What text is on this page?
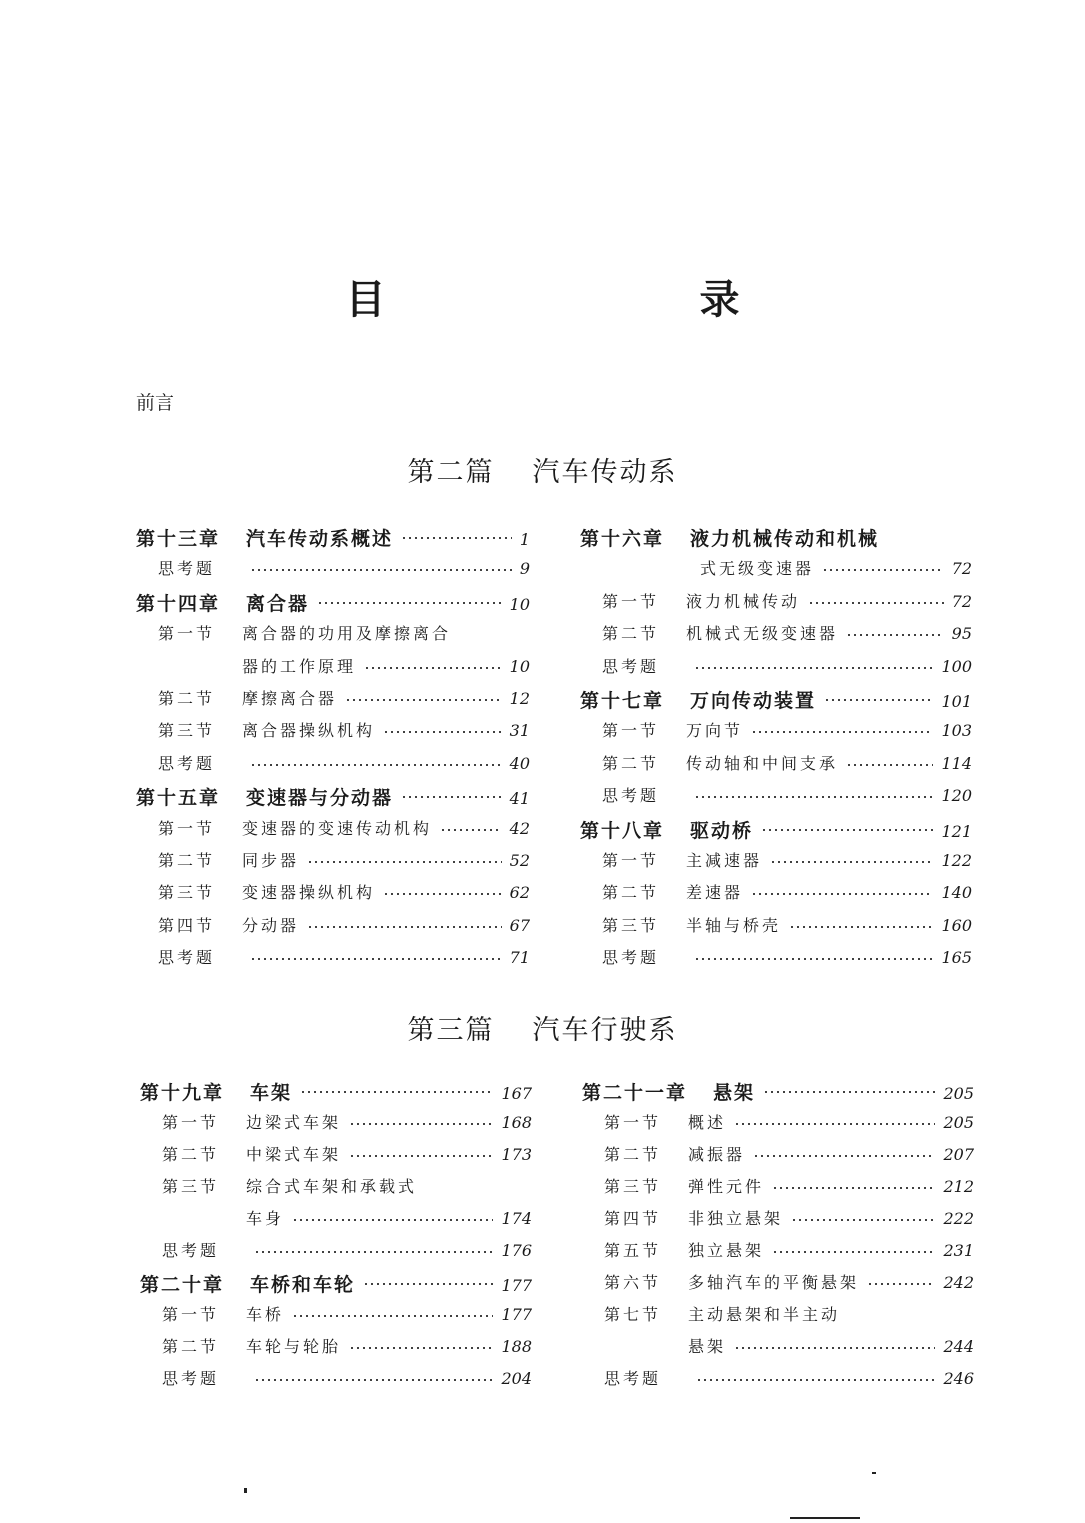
目 录
前言
第二篇 汽车传动系
第十三章 汽车传动系概述	1
思考题	9
第十四章 离合器	10
第一节	离合器的功用及摩擦离合
器的工作原理	10
第二节	摩擦离合器	12
第三节	离合器操纵机构	31
思考题	40
第十五章 变速器与分动器	41
第一节	变速器的变速传动机构	42
第二节	同步器	52
第三节	变速器操纵机构	62
第四节	分动器	67
思考题	71
第十六章 液力机械传动和机械
式无级变速器	72
第一节	液力机械传动	72
第二节	机械式无级变速器	95
思考题	100
第十七章 万向传动装置	101
第一节	万向节	103
第二节	传动轴和中间支承	114
思考题	120
第十八章 驱动桥	121
第一节	主减速器	122
第二节	差速器	140
第三节	半轴与桥壳	160
思考题	165
第三篇 汽车行驶系
第十九章 车架	167
第一节	边梁式车架	168
第二节	中梁式车架	173
第三节	综合式车架和承载式
车身	174
思考题	176
第二十章 车桥和车轮	177
第一节	车桥	177
第二节	车轮与轮胎	188
思考题	204
第二十一章 悬架	205
第一节	概述	205
第二节	减振器	207
第三节	弹性元件	212
第四节	非独立悬架	222
第五节	独立悬架	231
第六节	多轴汽车的平衡悬架	242
第七节	主动悬架和半主动
悬架	244
思考题	246
